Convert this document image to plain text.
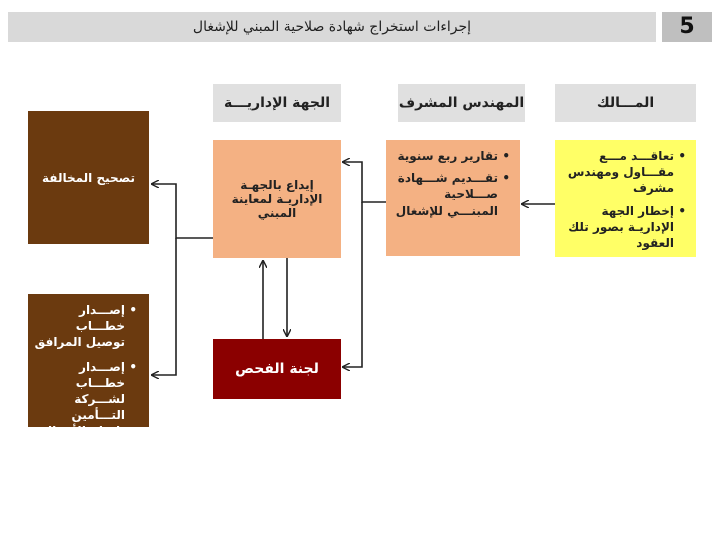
إجراءات استخراج شهادة صلاحية المبني للإشغال	5
المـــالك
المهندس المشرف
الجهة الإداريـــة
• تعاقـــد مـــع مقـــاول ومهندس مشرف
• إخطار الجهة الإداريـة بصور تلك العقود
• تقارير ربع سنوية
• تقـــديم شـــهادة صـــلاحية المبنـــي للإشغال
إيداع بالجهـة الإداريـة لمعاينة المبني
لجنة الفحص
تصحيح المخالفة
• إصـــدار خطـــاب توصيل المرافق
• إصـــدار خطـــاب لشـــركة التـــأمين بإتمام الأعمال
